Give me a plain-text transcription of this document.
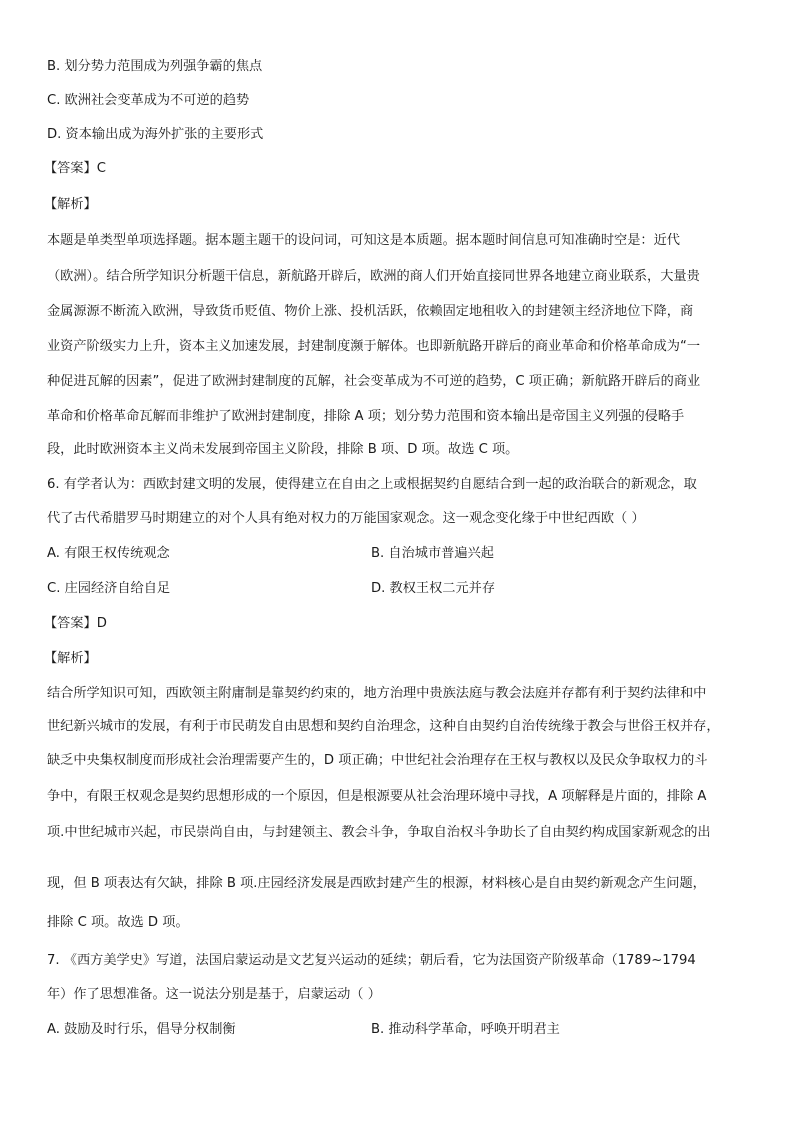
B. 划分势力范围成为列强争霸的焦点
C. 欧洲社会变革成为不可逆的趋势
D. 资本输出成为海外扩张的主要形式
【答案】C
【解析】
本题是单类型单项选择题。据本题主题干的设问词，可知这是本质题。据本题时间信息可知准确时空是：近代
（欧洲）。结合所学知识分析题干信息，新航路开辟后，欧洲的商人们开始直接同世界各地建立商业联系，大量贵
金属源源不断流入欧洲，导致货币贬值、物价上涨、投机活跃，依赖固定地租收入的封建领主经济地位下降，商
业资产阶级实力上升，资本主义加速发展，封建制度濒于解体。也即新航路开辟后的商业革命和价格革命成为“一
种促进瓦解的因素”，促进了欧洲封建制度的瓦解，社会变革成为不可逆的趋势，C 项正确；新航路开辟后的商业
革命和价格革命瓦解而非维护了欧洲封建制度，排除 A 项；划分势力范围和资本输出是帝国主义列强的侵略手
段，此时欧洲资本主义尚未发展到帝国主义阶段，排除 B 项、D 项。故选 C 项。
6. 有学者认为：西欧封建文明的发展，使得建立在自由之上或根据契约自愿结合到一起的政治联合的新观念，取
代了古代希腊罗马时期建立的对个人具有绝对权力的万能国家观念。这一观念变化缘于中世纪西欧（ ）
A. 有限王权传统观念	B. 自治城市普遍兴起
C. 庄园经济自给自足	D. 教权王权二元并存
【答案】D
【解析】
结合所学知识可知，西欧领主附庸制是靠契约约束的，地方治理中贵族法庭与教会法庭并存都有利于契约法律和中
世纪新兴城市的发展，有利于市民萌发自由思想和契约自治理念，这种自由契约自治传统缘于教会与世俗王权并存，
缺乏中央集权制度而形成社会治理需要产生的，D 项正确；中世纪社会治理存在王权与教权以及民众争取权力的斗
争中，有限王权观念是契约思想形成的一个原因，但是根源要从社会治理环境中寻找，A 项解释是片面的，排除 A
项.中世纪城市兴起，市民崇尚自由，与封建领主、教会斗争，争取自治权斗争助长了自由契约构成国家新观念的出
现，但 B 项表达有欠缺，排除 B 项.庄园经济发展是西欧封建产生的根源，材料核心是自由契约新观念产生问题，
排除 C 项。故选 D 项。
7. 《西方美学史》写道，法国启蒙运动是文艺复兴运动的延续；朝后看，它为法国资产阶级革命（1789~1794
年）作了思想准备。这一说法分别是基于，启蒙运动（ ）
A. 鼓励及时行乐，倡导分权制衡	B. 推动科学革命，呼唤开明君主
